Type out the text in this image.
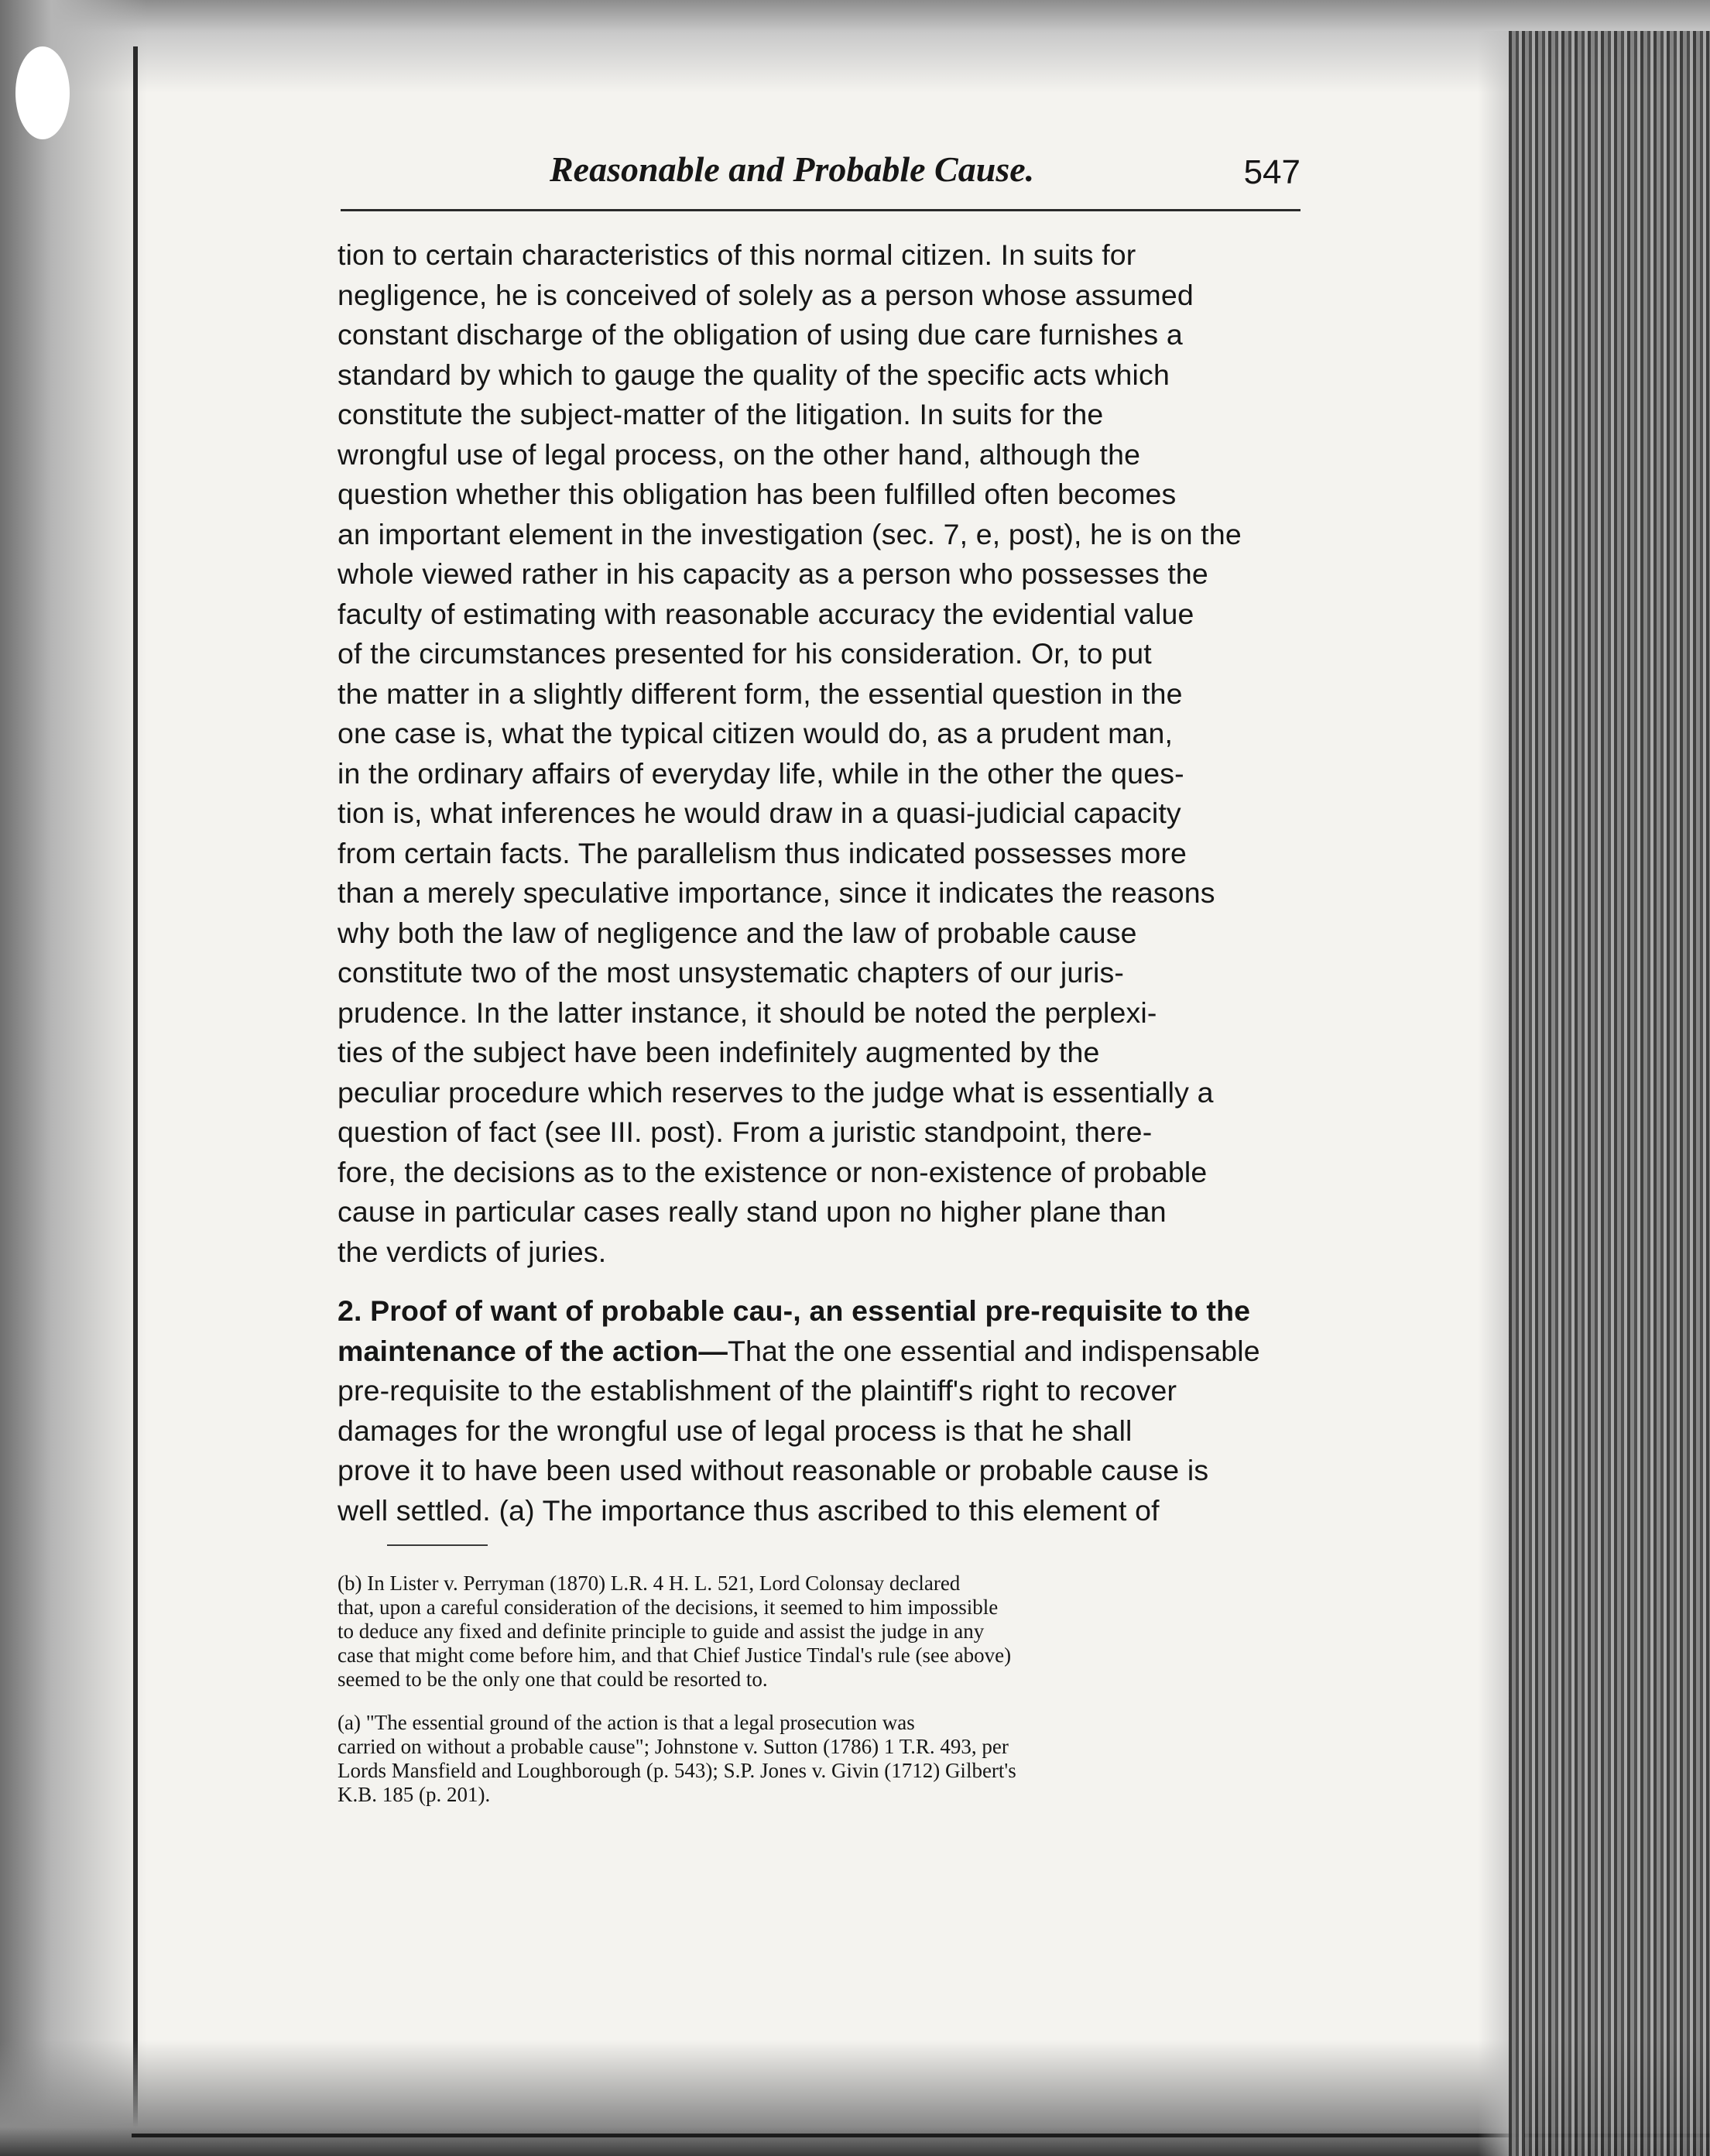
Reasonable and Probable Cause.	547

tion to certain characteristics of this normal citizen. In suits for
negligence, he is conceived of solely as a person whose assumed
constant discharge of the obligation of using due care furnishes a
standard by which to gauge the quality of the specific acts which
constitute the subject-matter of the litigation. In suits for the
wrongful use of legal process, on the other hand, although the
question whether this obligation has been fulfilled often becomes
an important element in the investigation (sec. 7, e, post), he is on the
whole viewed rather in his capacity as a person who possesses the
faculty of estimating with reasonable accuracy the evidential value
of the circumstances presented for his consideration. Or, to put
the matter in a slightly different form, the essential question in the
one case is, what the typical citizen would do, as a prudent man,
in the ordinary affairs of everyday life, while in the other the ques-
tion is, what inferences he would draw in a quasi-judicial capacity
from certain facts. The parallelism thus indicated possesses more
than a merely speculative importance, since it indicates the reasons
why both the law of negligence and the law of probable cause
constitute two of the most unsystematic chapters of our juris-
prudence. In the latter instance, it should be noted the perplexi-
ties of the subject have been indefinitely augmented by the
peculiar procedure which reserves to the judge what is essentially a
question of fact (see III. post). From a juristic standpoint, there-
fore, the decisions as to the existence or non-existence of probable
cause in particular cases really stand upon no higher plane than
the verdicts of juries.

2. Proof of want of probable cau-, an essential pre-requisite to the
maintenance of the action—That the one essential and indispensable
pre-requisite to the establishment of the plaintiff's right to recover
damages for the wrongful use of legal process is that he shall
prove it to have been used without reasonable or probable cause is
well settled. (a) The importance thus ascribed to this element of

(b) In Lister v. Perryman (1870) L.R. 4 H. L. 521, Lord Colonsay declared
that, upon a careful consideration of the decisions, it seemed to him impossible
to deduce any fixed and definite principle to guide and assist the judge in any
case that might come before him, and that Chief Justice Tindal's rule (see above)
seemed to be the only one that could be resorted to.

(a) "The essential ground of the action is that a legal prosecution was
carried on without a probable cause"; Johnstone v. Sutton (1786) 1 T.R. 493, per
Lords Mansfield and Loughborough (p. 543); S.P. Jones v. Givin (1712) Gilbert's
K.B. 185 (p. 201).
